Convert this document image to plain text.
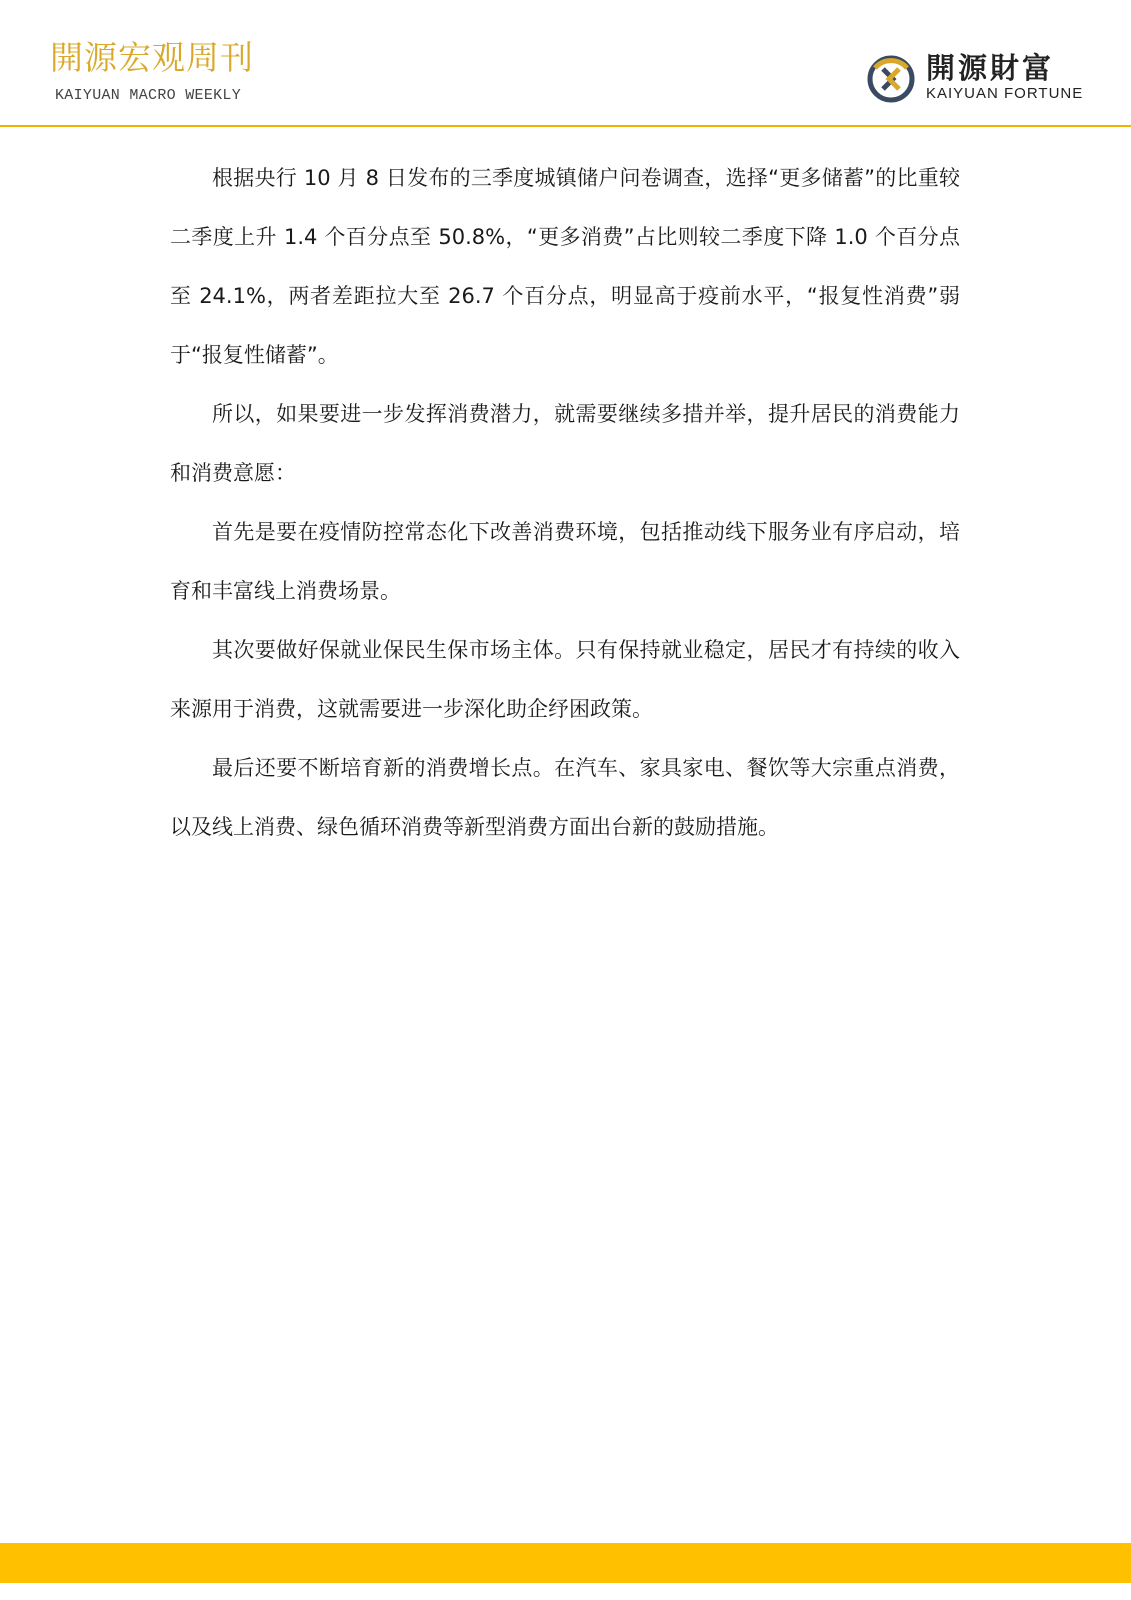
開源宏观周刊
KAIYUAN MACRO WEEKLY
開源財富
KAIYUAN FORTUNE

根据央行 10 月 8 日发布的三季度城镇储户问卷调查，选择“更多储蓄”的比重较二季度上升 1.4 个百分点至 50.8%，“更多消费”占比则较二季度下降 1.0 个百分点至 24.1%，两者差距拉大至 26.7 个百分点，明显高于疫前水平，“报复性消费”弱于“报复性储蓄”。

所以，如果要进一步发挥消费潜力，就需要继续多措并举，提升居民的消费能力和消费意愿：

首先是要在疫情防控常态化下改善消费环境，包括推动线下服务业有序启动，培育和丰富线上消费场景。

其次要做好保就业保民生保市场主体。只有保持就业稳定，居民才有持续的收入来源用于消费，这就需要进一步深化助企纾困政策。

最后还要不断培育新的消费增长点。在汽车、家具家电、餐饮等大宗重点消费，以及线上消费、绿色循环消费等新型消费方面出台新的鼓励措施。
